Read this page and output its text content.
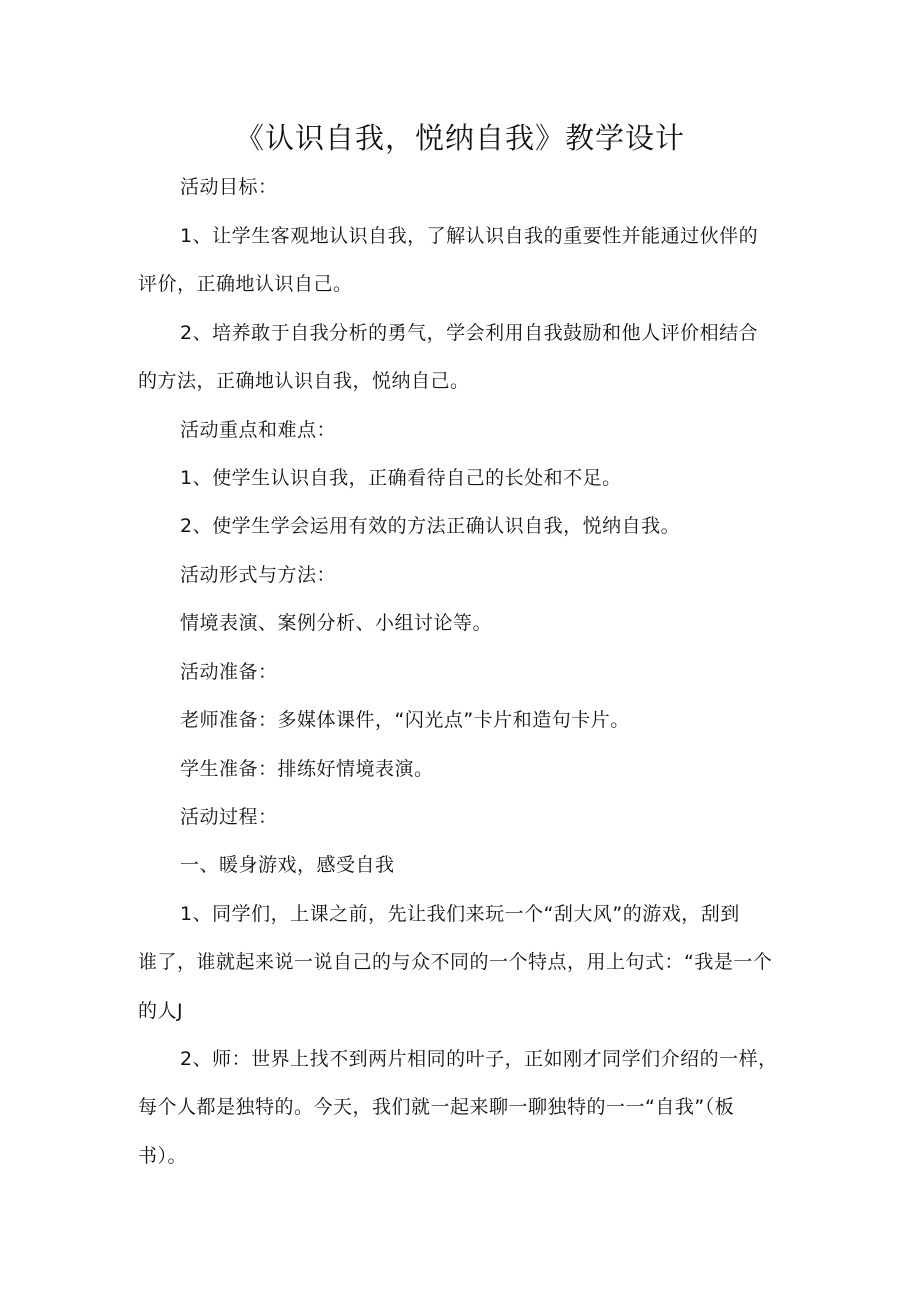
《认识自我，悦纳自我》教学设计
活动目标：
1、让学生客观地认识自我，了解认识自我的重要性并能通过伙伴的
评价，正确地认识自己。
2、培养敢于自我分析的勇气，学会利用自我鼓励和他人评价相结合
的方法，正确地认识自我，悦纳自己。
活动重点和难点：
1、使学生认识自我，正确看待自己的长处和不足。
2、使学生学会运用有效的方法正确认识自我，悦纳自我。
活动形式与方法：
情境表演、案例分析、小组讨论等。
活动准备：
老师准备：多媒体课件，“闪光点”卡片和造句卡片。
学生准备：排练好情境表演。
活动过程：
一、暖身游戏，感受自我
1、同学们，上课之前，先让我们来玩一个“刮大风”的游戏，刮到
谁了，谁就起来说一说自己的与众不同的一个特点，用上句式：“我是一个
的人J
2、师：世界上找不到两片相同的叶子，正如刚才同学们介绍的一样，
每个人都是独特的。今天，我们就一起来聊一聊独特的一一“自我”（板
书）。
